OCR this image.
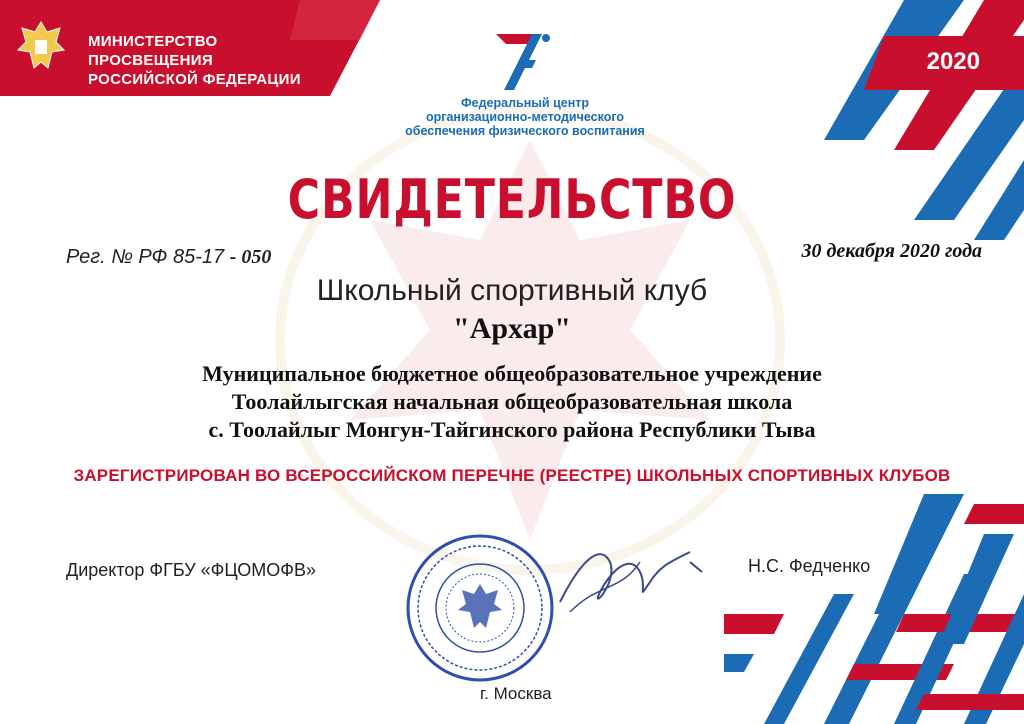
МИНИСТЕРСТВО ПРОСВЕЩЕНИЯ
РОССИЙСКОЙ ФЕДЕРАЦИИ
2020
Федеральный центр
организационно-методического
обеспечения физического воспитания
СВИДЕТЕЛЬСТВО
Рег. № РФ 85-17 - 050	30 декабря 2020 года
Школьный спортивный клуб
"Архар"
Муниципальное бюджетное общеобразовательное учреждение
Тоолайлыгская начальная общеобразовательная школа
с. Тоолайлыг Монгун-Тайгинского района Республики Тыва
ЗАРЕГИСТРИРОВАН ВО ВСЕРОССИЙСКОМ ПЕРЕЧНЕ (РЕЕСТРЕ) ШКОЛЬНЫХ СПОРТИВНЫХ КЛУБОВ
Директор ФГБУ «ФЦОМОФВ»	Н.С. Федченко
г. Москва
